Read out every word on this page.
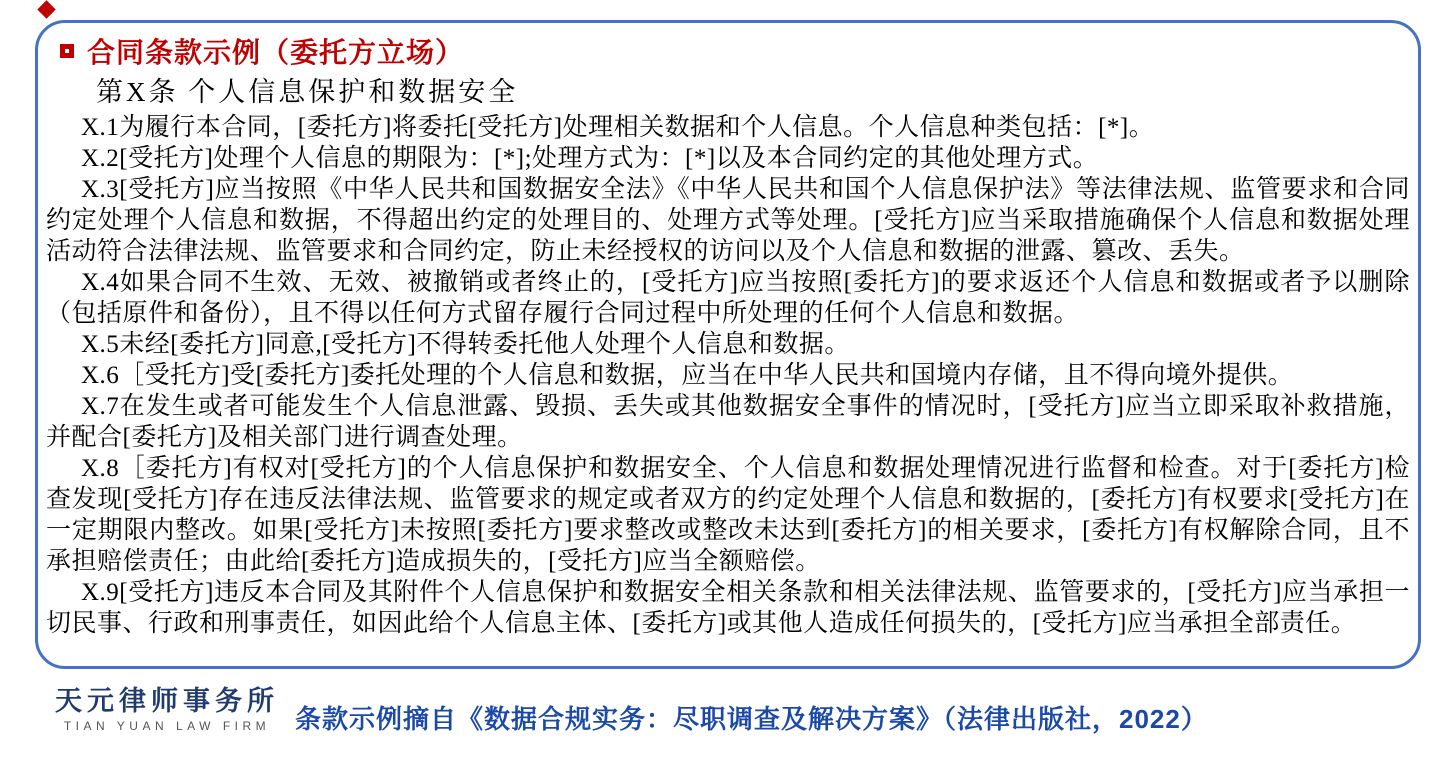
合同条款示例（委托方立场）

第X条 个人信息保护和数据安全

X.1为履行本合同，[委托方]将委托[受托方]处理相关数据和个人信息。个人信息种类包括：[*]。

X.2[受托方]处理个人信息的期限为：[*];处理方式为：[*]以及本合同约定的其他处理方式。

X.3[受托方]应当按照《中华人民共和国数据安全法》《中华人民共和国个人信息保护法》等法律法规、监管要求和合同约定处理个人信息和数据，不得超出约定的处理目的、处理方式等处理。[受托方]应当采取措施确保个人信息和数据处理活动符合法律法规、监管要求和合同约定，防止未经授权的访问以及个人信息和数据的泄露、篡改、丢失。

X.4如果合同不生效、无效、被撤销或者终止的，[受托方]应当按照[委托方]的要求返还个人信息和数据或者予以删除（包括原件和备份），且不得以任何方式留存履行合同过程中所处理的任何个人信息和数据。

X.5未经[委托方]同意,[受托方]不得转委托他人处理个人信息和数据。

X.6［受托方]受[委托方]委托处理的个人信息和数据，应当在中华人民共和国境内存储，且不得向境外提供。

X.7在发生或者可能发生个人信息泄露、毁损、丢失或其他数据安全事件的情况时，[受托方]应当立即采取补救措施，并配合[委托方]及相关部门进行调查处理。

X.8［委托方]有权对[受托方]的个人信息保护和数据安全、个人信息和数据处理情况进行监督和检查。对于[委托方]检查发现[受托方]存在违反法律法规、监管要求的规定或者双方的约定处理个人信息和数据的，[委托方]有权要求[受托方]在一定期限内整改。如果[受托方]未按照[委托方]要求整改或整改未达到[委托方]的相关要求，[委托方]有权解除合同，且不承担赔偿责任；由此给[委托方]造成损失的，[受托方]应当全额赔偿。

X.9[受托方]违反本合同及其附件个人信息保护和数据安全相关条款和相关法律法规、监管要求的，[受托方]应当承担一切民事、行政和刑事责任，如因此给个人信息主体、[委托方]或其他人造成任何损失的，[受托方]应当承担全部责任。

天元律师事务所
TIAN YUAN LAW FIRM 条款示例摘自《数据合规实务：尽职调查及解决方案》（法律出版社，2022）
